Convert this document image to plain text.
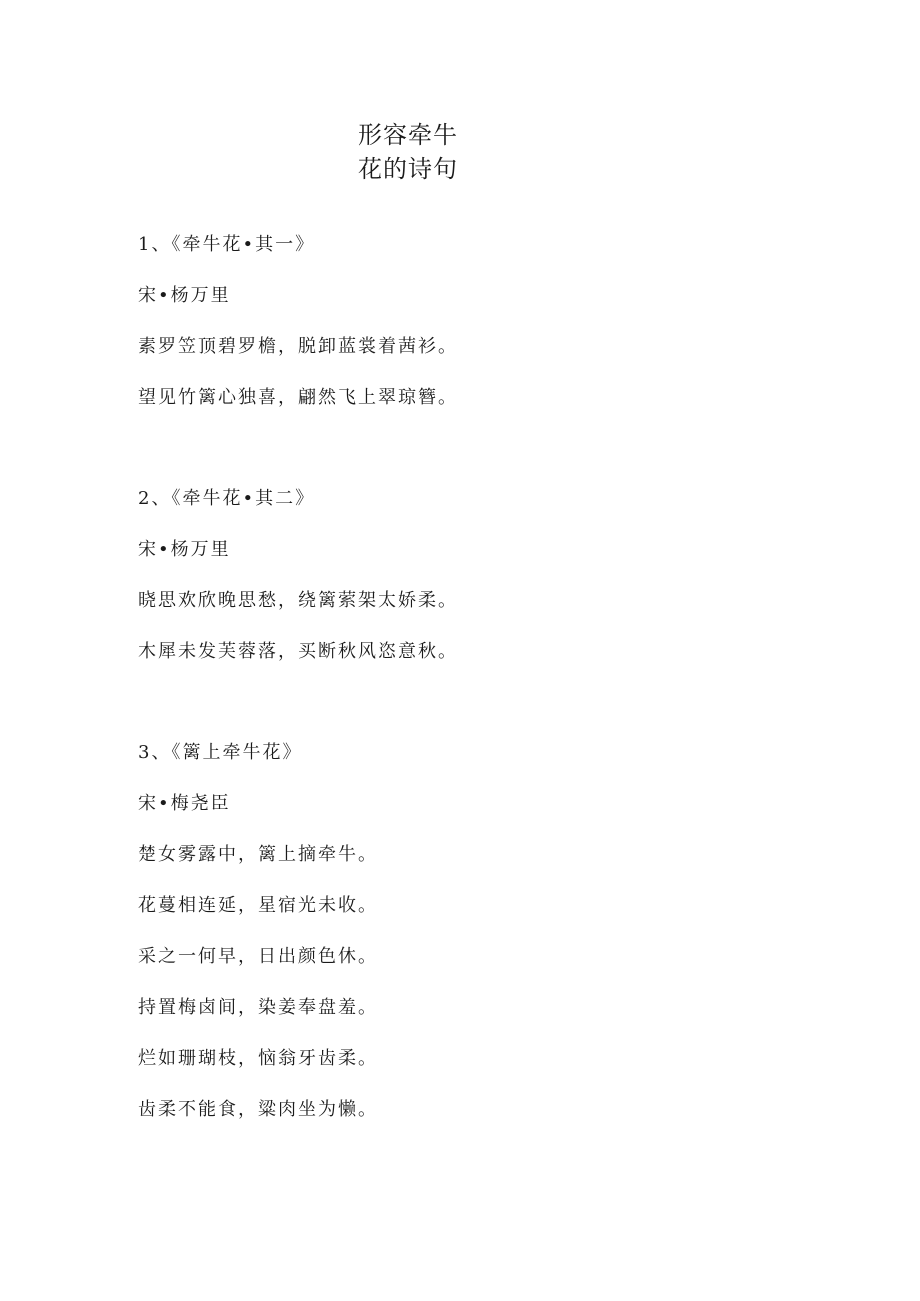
形容牵牛
花的诗句
1、《牵牛花•其一》
宋•杨万里
素罗笠顶碧罗檐，脱卸蓝裳着茜衫。
望见竹篱心独喜，翩然飞上翠琼簪。
2、《牵牛花•其二》
宋•杨万里
晓思欢欣晚思愁，绕篱萦架太娇柔。
木犀未发芙蓉落，买断秋风恣意秋。
3、《篱上牵牛花》
宋•梅尧臣
楚女雾露中，篱上摘牵牛。
花蔓相连延，星宿光未收。
采之一何早，日出颜色休。
持置梅卤间，染姜奉盘羞。
烂如珊瑚枝，恼翁牙齿柔。
齿柔不能食，粱肉坐为懒。
